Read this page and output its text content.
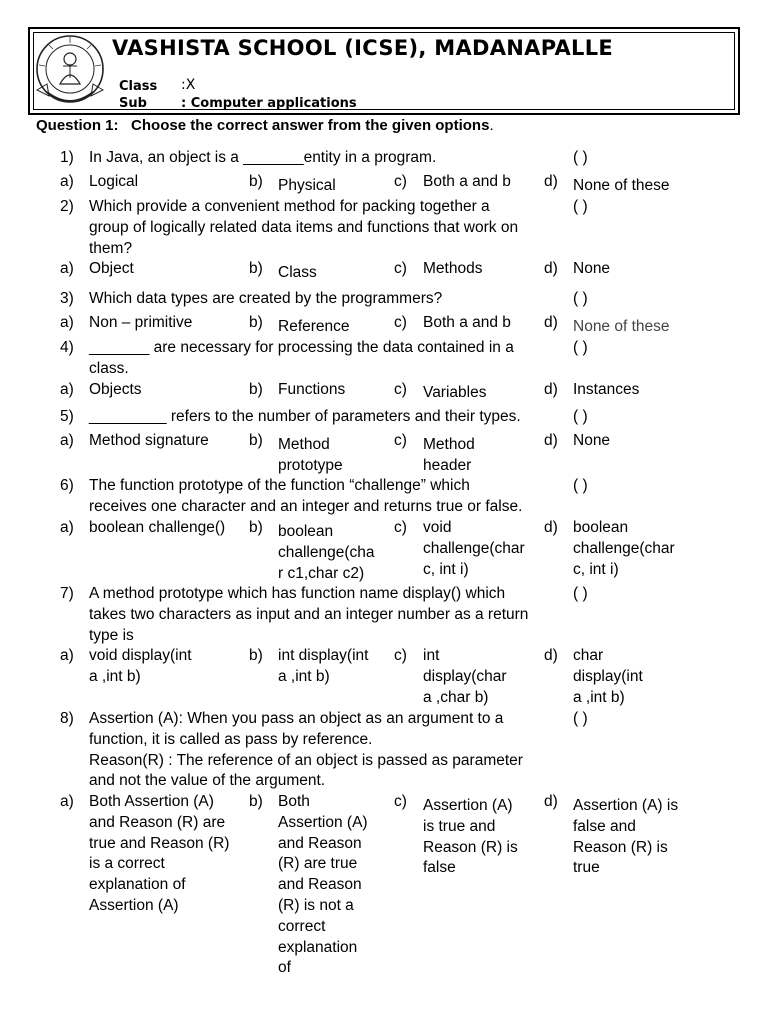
VASHISTA SCHOOL (ICSE), MADANAPALLE
Class :X
Sub	: Computer applications
Question 1: Choose the correct answer from the given options.
1) In Java, an object is a _______entity in a program.	( )
a) Logical	b) Physical	c) Both a and b d) None of these
2) Which provide a convenient method for packing together a
group of logically related data items and functions that work on
them?
( )
a) Object	b) Class	c) Methods	d) None
3) Which data types are created by the programmers?	( )
a) Non – primitive	b) Reference	c) Both a and b d) None of these
4) _______ are necessary for processing the data contained in a
class.
( )
a) Objects	b) Functions	c) Variables	d) Instances
5) _________ refers to the number of parameters and their types.	( )
a) Method signature	b) Method
prototype
c) Method
header
d) None
6) The function prototype of the function “challenge” which
receives one character and an integer and returns true or false.
( )
a) boolean challenge() b) boolean
challenge(cha
r c1,char c2)
c) void
challenge(char
c, int i)
d) boolean
challenge(char
c, int i)
7) A method prototype which has function name display() which
takes two characters as input and an integer number as a return
type is
( )
a) void display(int
a ,int b)
b) int display(int
a ,int b)
c) int
display(char
a ,char b)
d) char
display(int
a ,int b)
8) Assertion (A): When you pass an object as an argument to a
function, it is called as pass by reference.
Reason(R) : The reference of an object is passed as parameter
and not the value of the argument.
( )
a) Both Assertion (A)
and Reason (R) are
true and Reason (R)
is a correct
explanation of
Assertion (A)
b) Both
Assertion (A)
and Reason
(R) are true
and Reason
(R) is not a
correct
explanation
of
c) Assertion (A)
is true and
Reason (R) is
false
d) Assertion (A) is
false and
Reason (R) is
true
